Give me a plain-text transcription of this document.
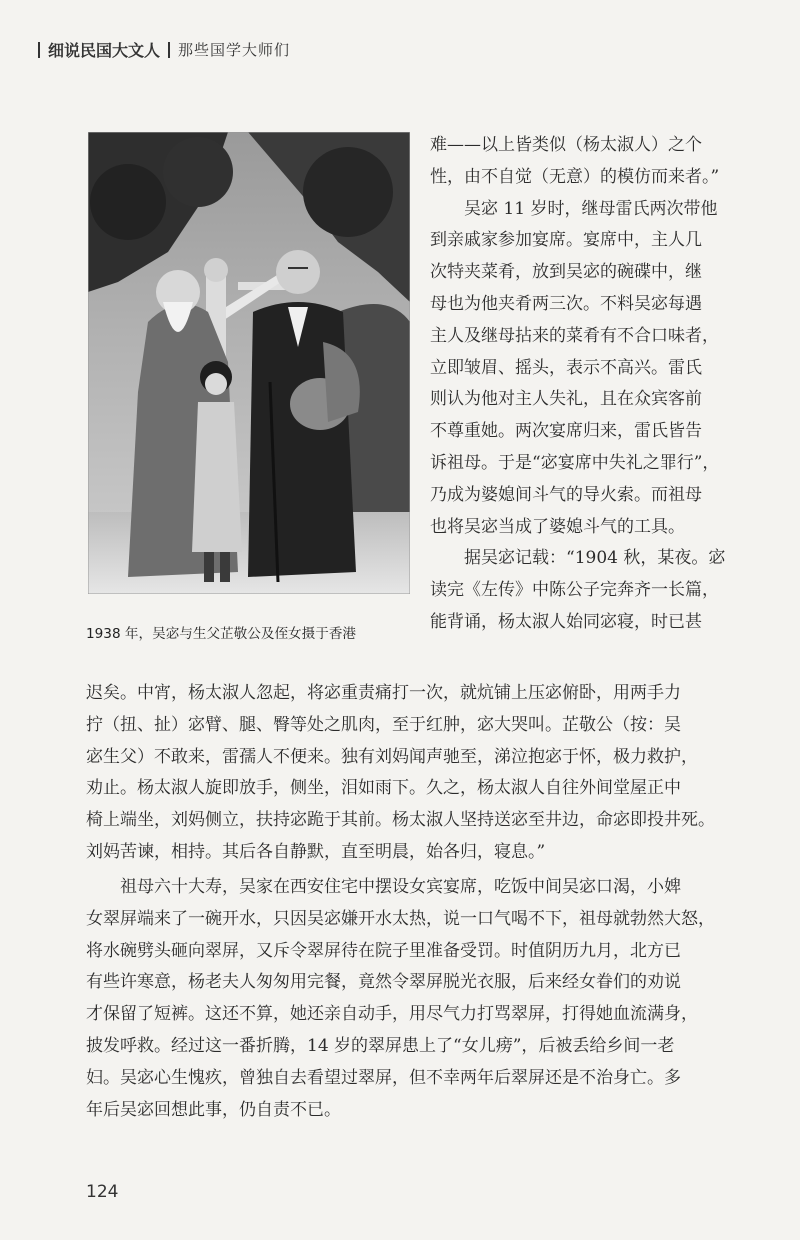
细说民国大文人 那些国学大师们
1938 年，吴宓与生父芷敬公及侄女摄于香港

难——以上皆类似（杨太淑人）之个
性，由不自觉（无意）的模仿而来者。”
　　吴宓 11 岁时，继母雷氏两次带他
到亲戚家参加宴席。宴席中，主人几
次特夹菜肴，放到吴宓的碗碟中，继
母也为他夹肴两三次。不料吴宓每遇
主人及继母拈来的菜肴有不合口味者，
立即皱眉、摇头，表示不高兴。雷氏
则认为他对主人失礼，且在众宾客前
不尊重她。两次宴席归来，雷氏皆告
诉祖母。于是“宓宴席中失礼之罪行”，
乃成为婆媳间斗气的导火索。而祖母
也将吴宓当成了婆媳斗气的工具。
　　据吴宓记载：“1904 秋，某夜。宓
读完《左传》中陈公子完奔齐一长篇，
能背诵，杨太淑人始同宓寝，时已甚

迟矣。中宵，杨太淑人忽起，将宓重责痛打一次，就炕铺上压宓俯卧，用两手力
拧（扭、扯）宓臂、腿、臀等处之肌肉，至于红肿，宓大哭叫。芷敬公（按：吴
宓生父）不敢来，雷孺人不便来。独有刘妈闻声驰至，涕泣抱宓于怀，极力救护，
劝止。杨太淑人旋即放手，侧坐，泪如雨下。久之，杨太淑人自往外间堂屋正中
椅上端坐，刘妈侧立，扶持宓跪于其前。杨太淑人坚持送宓至井边，命宓即投井死。
刘妈苦谏，相持。其后各自静默，直至明晨，始各归，寝息。”

　　祖母六十大寿，吴家在西安住宅中摆设女宾宴席，吃饭中间吴宓口渴，小婢
女翠屏端来了一碗开水，只因吴宓嫌开水太热，说一口气喝不下，祖母就勃然大怒，
将水碗劈头砸向翠屏，又斥令翠屏待在院子里准备受罚。时值阴历九月，北方已
有些许寒意，杨老夫人匆匆用完餐，竟然令翠屏脱光衣服，后来经女眷们的劝说
才保留了短裤。这还不算，她还亲自动手，用尽气力打骂翠屏，打得她血流满身，
披发呼救。经过这一番折腾，14 岁的翠屏患上了“女儿痨”，后被丢给乡间一老
妇。吴宓心生愧疚，曾独自去看望过翠屏，但不幸两年后翠屏还是不治身亡。多
年后吴宓回想此事，仍自责不已。

124
